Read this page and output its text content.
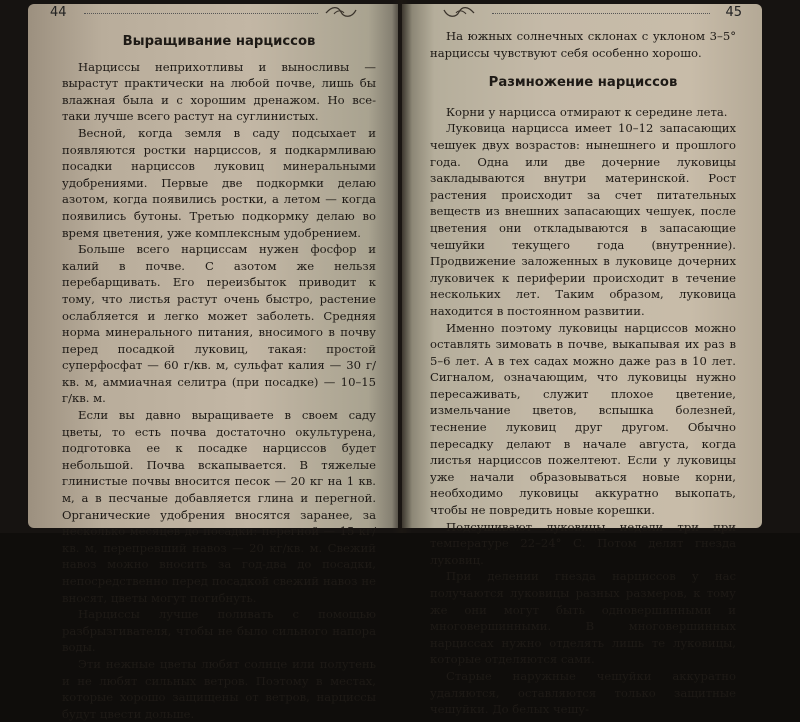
44
Выращивание нарциссов

Нарциссы неприхотливы и выносливы — вырастут практически на любой почве, лишь бы влажная была и с хорошим дренажом. Но все-таки лучше всего растут на суглинистых.

Весной, когда земля в саду подсыхает и появляются ростки нарциссов, я подкармливаю посадки нарциссов луковиц минеральными удобрениями. Первые две подкормки делаю азотом, когда появились ростки, а летом — когда появились бутоны. Третью подкормку делаю во время цветения, уже комплексным удобрением.

Больше всего нарциссам нужен фосфор и калий в почве. С азотом же нельзя перебарщивать. Его переизбыток приводит к тому, что листья растут очень быстро, растение ослабляется и легко может заболеть. Средняя норма минерального питания, вносимого в почву перед посадкой луковиц, такая: простой суперфосфат — 60 г/кв. м, сульфат калия — 30 г/кв. м, аммиачная селитра (при посадке) — 10–15 г/кв. м.

Если вы давно выращиваете в своем саду цветы, то есть почва достаточно окультурена, подготовка ее к посадке нарциссов будет небольшой. Почва вскапывается. В тяжелые глинистые почвы вносится песок — 20 кг на 1 кв. м, а в песчаные добавляется глина и перегной. Органические удобрения вносятся заранее, за несколько месяцев до посадки: перегной — 15 кг/кв. м, перепревший навоз — 20 кг/кв. м. Свежий навоз можно вносить за год-два до посадки, непосредственно перед посадкой свежий навоз не вносят, цветы могут погибнуть.

Нарциссы лучше поливать с помощью разбрызгивателя, чтобы не было сильного напора воды.

Эти нежные цветы любят солнце или полутень и не любят сильных ветров. Поэтому в местах, которые хорошо защищены от ветров, нарциссы будут цвести дольше.

45

На южных солнечных склонах с уклоном 3–5° нарциссы чувствуют себя особенно хорошо.

Размножение нарциссов

Корни у нарцисса отмирают к середине лета.

Луковица нарцисса имеет 10–12 запасающих чешуек двух возрастов: нынешнего и прошлого года. Одна или две дочерние луковицы закладываются внутри материнской. Рост растения происходит за счет питательных веществ из внешних запасающих чешуек, после цветения они откладываются в запасающие чешуйки текущего года (внутренние). Продвижение заложенных в луковице дочерних луковичек к периферии происходит в течение нескольких лет. Таким образом, луковица находится в постоянном развитии.

Именно поэтому луковицы нарциссов можно оставлять зимовать в почве, выкапывая их раз в 5–6 лет. А в тех садах можно даже раз в 10 лет. Сигналом, означающим, что луковицы нужно пересаживать, служит плохое цветение, измельчание цветов, вспышка болезней, теснение луковиц друг другом. Обычно пересадку делают в начале августа, когда листья нарциссов пожелтеют. Если у луковицы уже начали образовываться новые корни, необходимо луковицы аккуратно выкопать, чтобы не повредить новые корешки.

Подсушивают луковицы недели три при температуре 22–24° С. Потом делят гнезда луковиц.

При делении гнезда нарциссов у нас получаются луковицы разных размеров, к тому же они могут быть одновершинными и многовершинными. В многовершинных нарциссах нужно отделять лишь те луковицы, которые отделяются сами.

Старые наружные чешуйки аккуратно удаляются, оставляются только защитные чешуйки. До белых чешу-
